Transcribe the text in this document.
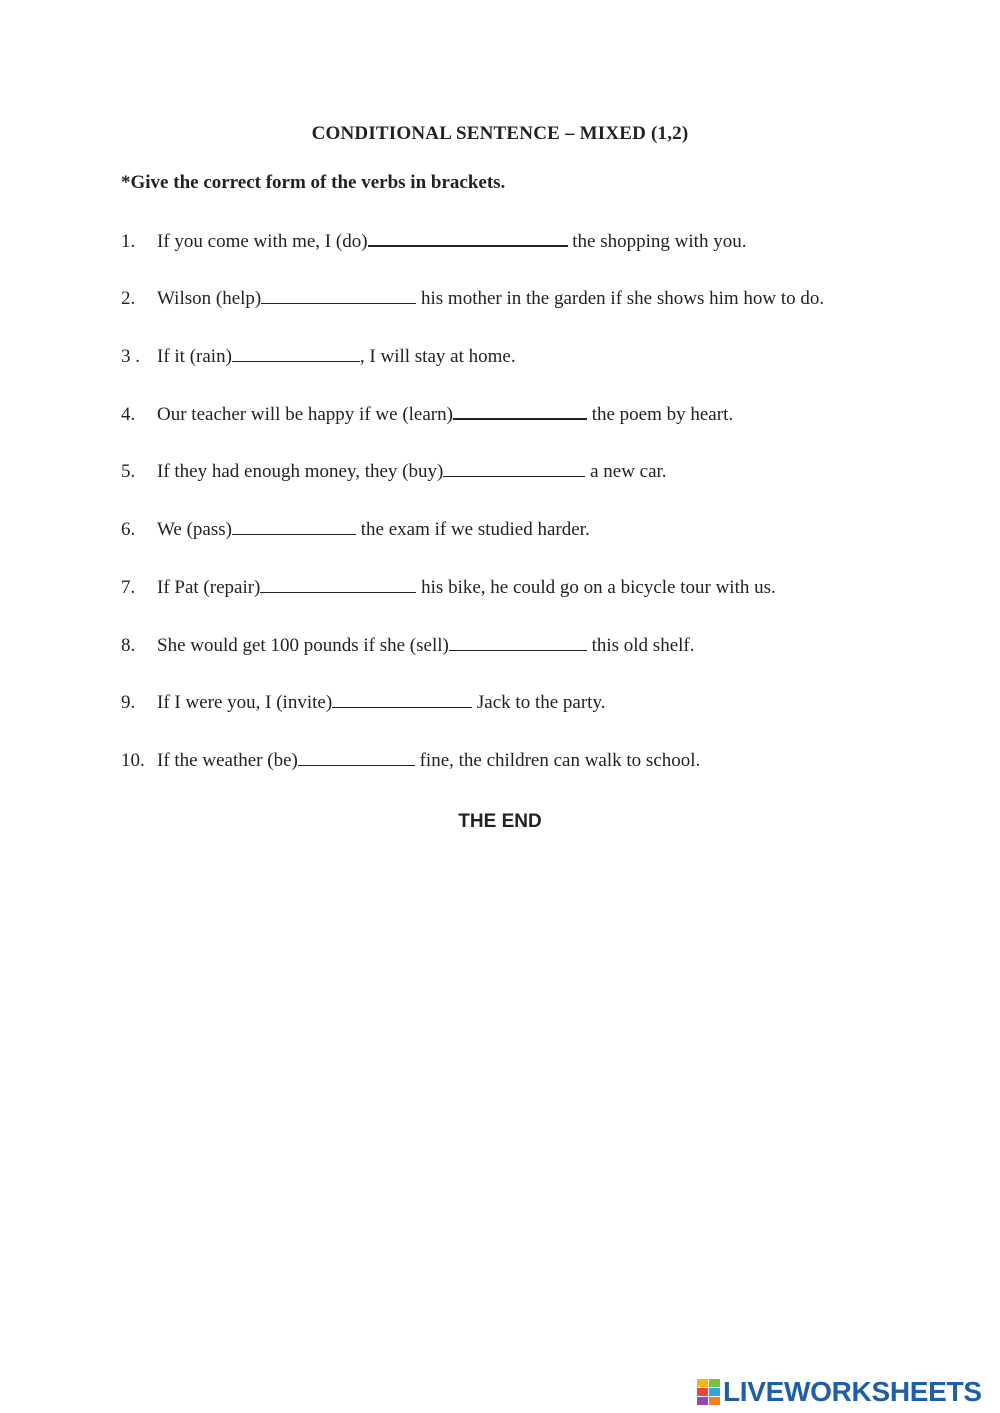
CONDITIONAL SENTENCE – MIXED (1,2)
*Give the correct form of the verbs in brackets.
1. If you come with me, I (do)	the shopping with you.
2. Wilson (help)	his mother in the garden if she shows him how to do.
3 . If it (rain)	, I will stay at home.
4. Our teacher will be happy if we (learn)	the poem by heart.
5. If they had enough money, they (buy)	a new car.
6. We (pass)	the exam if we studied harder.
7. If Pat (repair)	his bike, he could go on a bicycle tour with us.
8. She would get 100 pounds if she (sell)	this old shelf.
9. If I were you, I (invite)	Jack to the party.
10. If the weather (be)	fine, the children can walk to school.
THE END
LIVEWORKSHEETS
